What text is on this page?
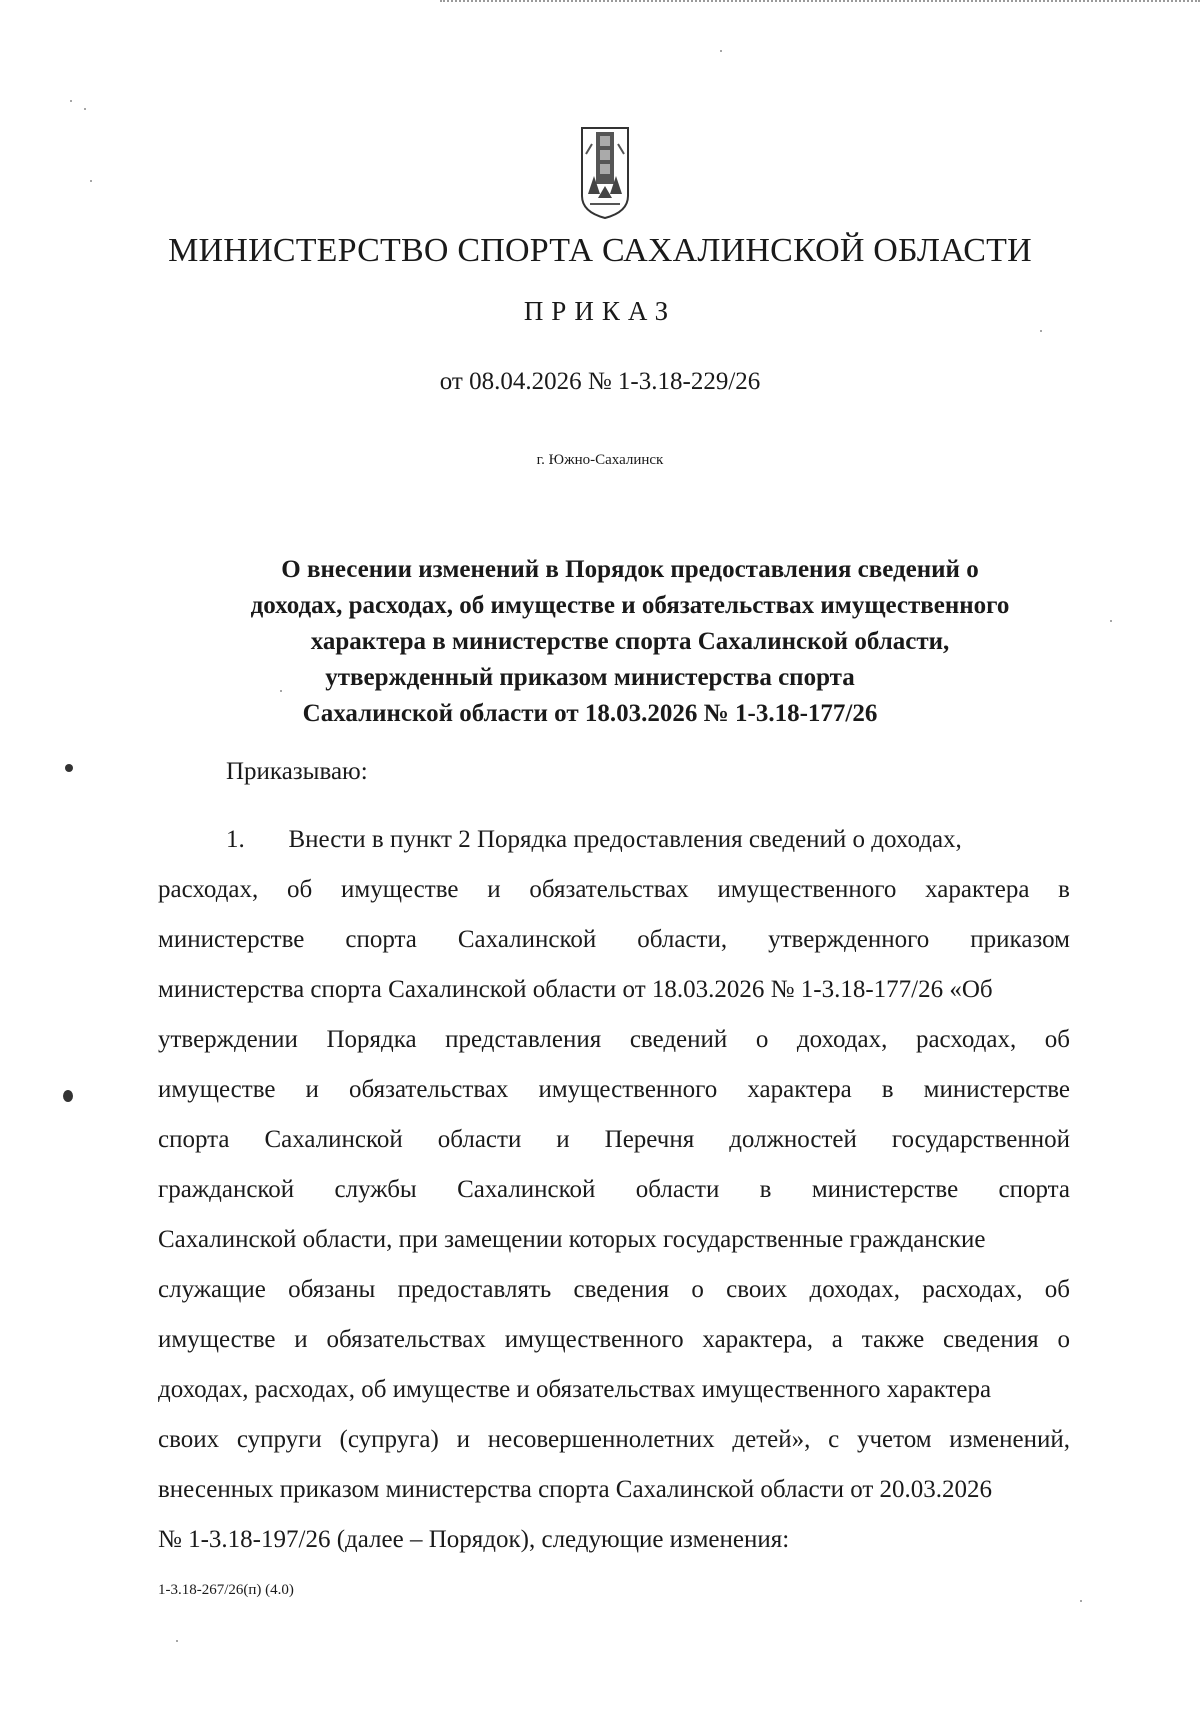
МИНИСТЕРСТВО СПОРТА САХАЛИНСКОЙ ОБЛАСТИ
ПРИКАЗ
от 08.04.2026 № 1-3.18-229/26
г. Южно-Сахалинск
О внесении изменений в Порядок предоставления сведений о
доходах, расходах, об имуществе и обязательствах имущественного
характера в министерстве спорта Сахалинской области,
утвержденный приказом министерства спорта
Сахалинской области от 18.03.2026 № 1-3.18-177/26
Приказываю:
1.       Внести в пункт 2 Порядка предоставления сведений о доходах,
расходах, об имуществе и обязательствах имущественного характера в
министерстве спорта Сахалинской области, утвержденного приказом
министерства спорта Сахалинской области от 18.03.2026 № 1-3.18-177/26 «Об
утверждении Порядка представления сведений о доходах, расходах, об
имуществе и обязательствах имущественного характера в министерстве
спорта Сахалинской области и Перечня должностей государственной
гражданской службы Сахалинской области в министерстве спорта
Сахалинской области, при замещении которых государственные гражданские
служащие обязаны предоставлять сведения о своих доходах, расходах, об
имуществе и обязательствах имущественного характера, а также сведения о
доходах, расходах, об имуществе и обязательствах имущественного характера
своих супруги (супруга) и несовершеннолетних детей», с учетом изменений,
внесенных приказом министерства спорта Сахалинской области от 20.03.2026
№ 1-3.18-197/26 (далее – Порядок), следующие изменения:
1-3.18-267/26(п) (4.0)
